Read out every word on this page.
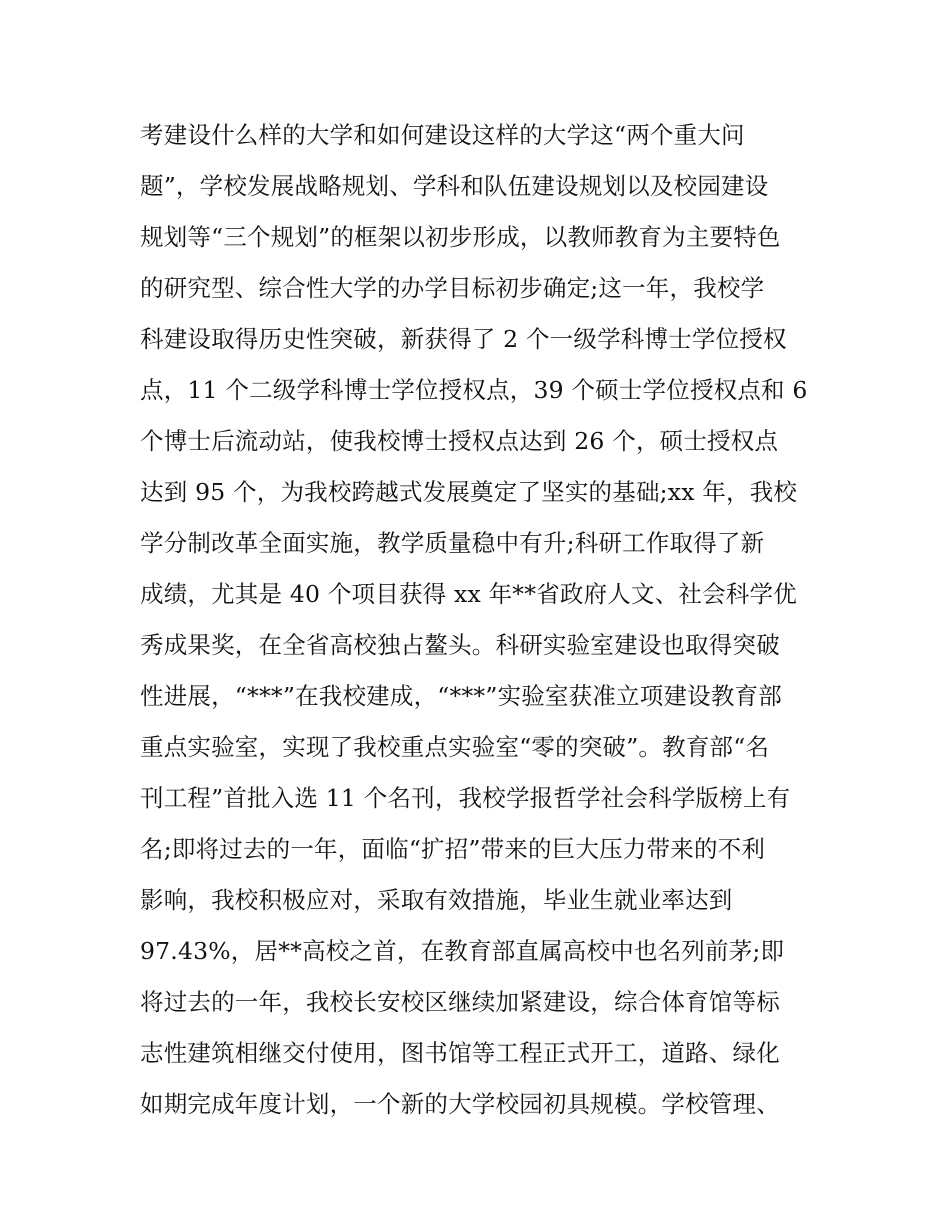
考建设什么样的大学和如何建设这样的大学这“两个重大问
题”，学校发展战略规划、学科和队伍建设规划以及校园建设
规划等“三个规划”的框架以初步形成，以教师教育为主要特色
的研究型、综合性大学的办学目标初步确定;这一年，我校学
科建设取得历史性突破，新获得了 2 个一级学科博士学位授权
点，11 个二级学科博士学位授权点，39 个硕士学位授权点和 6
个博士后流动站，使我校博士授权点达到 26 个，硕士授权点
达到 95 个，为我校跨越式发展奠定了坚实的基础;xx 年，我校
学分制改革全面实施，教学质量稳中有升;科研工作取得了新
成绩，尤其是 40 个项目获得 xx 年**省政府人文、社会科学优
秀成果奖，在全省高校独占鳌头。科研实验室建设也取得突破
性进展，“***”在我校建成，“***”实验室获准立项建设教育部
重点实验室，实现了我校重点实验室“零的突破”。教育部“名
刊工程”首批入选 11 个名刊，我校学报哲学社会科学版榜上有
名;即将过去的一年，面临“扩招”带来的巨大压力带来的不利
影响，我校积极应对，采取有效措施，毕业生就业率达到
97.43%，居**高校之首，在教育部直属高校中也名列前茅;即
将过去的一年，我校长安校区继续加紧建设，综合体育馆等标
志性建筑相继交付使用，图书馆等工程正式开工，道路、绿化
如期完成年度计划，一个新的大学校园初具规模。学校管理、
